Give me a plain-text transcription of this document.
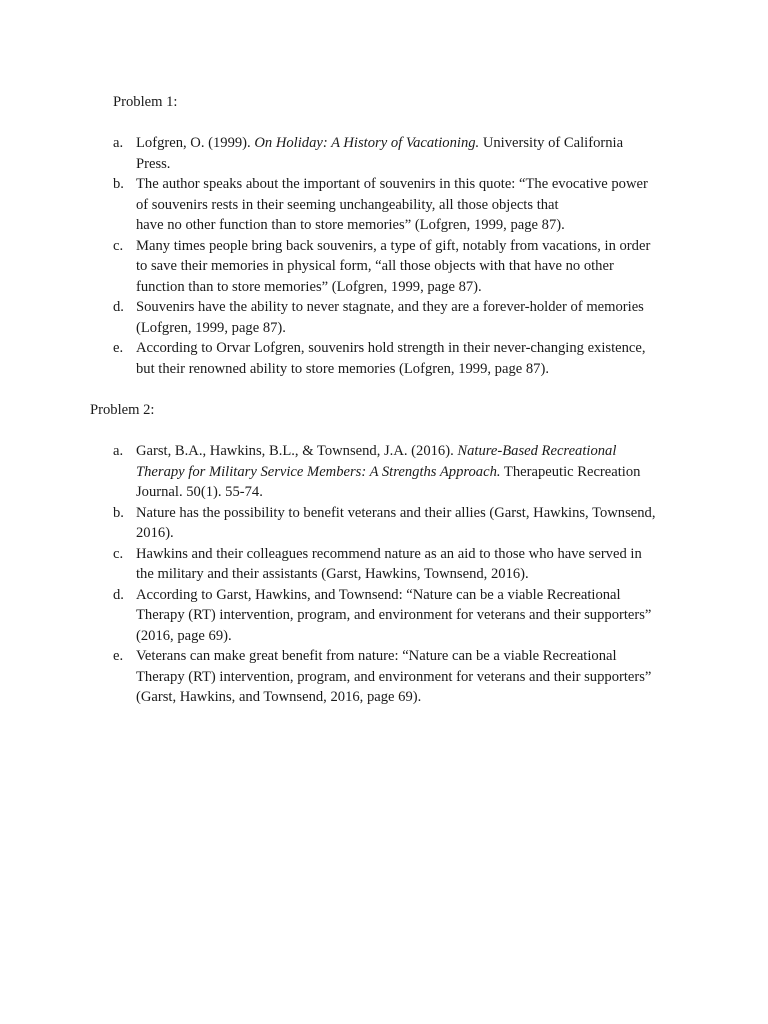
Problem 1:
a. Lofgren, O. (1999). On Holiday: A History of Vacationing. University of California
Press.
b. The author speaks about the important of souvenirs in this quote: “The evocative power
of souvenirs rests in their seeming unchangeability, all those objects that
have no other function than to store memories” (Lofgren, 1999, page 87).
c. Many times people bring back souvenirs, a type of gift, notably from vacations, in order
to save their memories in physical form, “all those objects with that have no other
function than to store memories” (Lofgren, 1999, page 87).
d. Souvenirs have the ability to never stagnate, and they are a forever-holder of memories
(Lofgren, 1999, page 87).
e. According to Orvar Lofgren, souvenirs hold strength in their never-changing existence,
but their renowned ability to store memories (Lofgren, 1999, page 87).
Problem 2:
a. Garst, B.A., Hawkins, B.L., & Townsend, J.A. (2016). Nature-Based Recreational
Therapy for Military Service Members: A Strengths Approach. Therapeutic Recreation
Journal. 50(1). 55-74.
b. Nature has the possibility to benefit veterans and their allies (Garst, Hawkins, Townsend,
2016).
c. Hawkins and their colleagues recommend nature as an aid to those who have served in
the military and their assistants (Garst, Hawkins, Townsend, 2016).
d. According to Garst, Hawkins, and Townsend: “Nature can be a viable Recreational
Therapy (RT) intervention, program, and environment for veterans and their supporters”
(2016, page 69).
e. Veterans can make great benefit from nature: “Nature can be a viable Recreational
Therapy (RT) intervention, program, and environment for veterans and their supporters”
(Garst, Hawkins, and Townsend, 2016, page 69).
